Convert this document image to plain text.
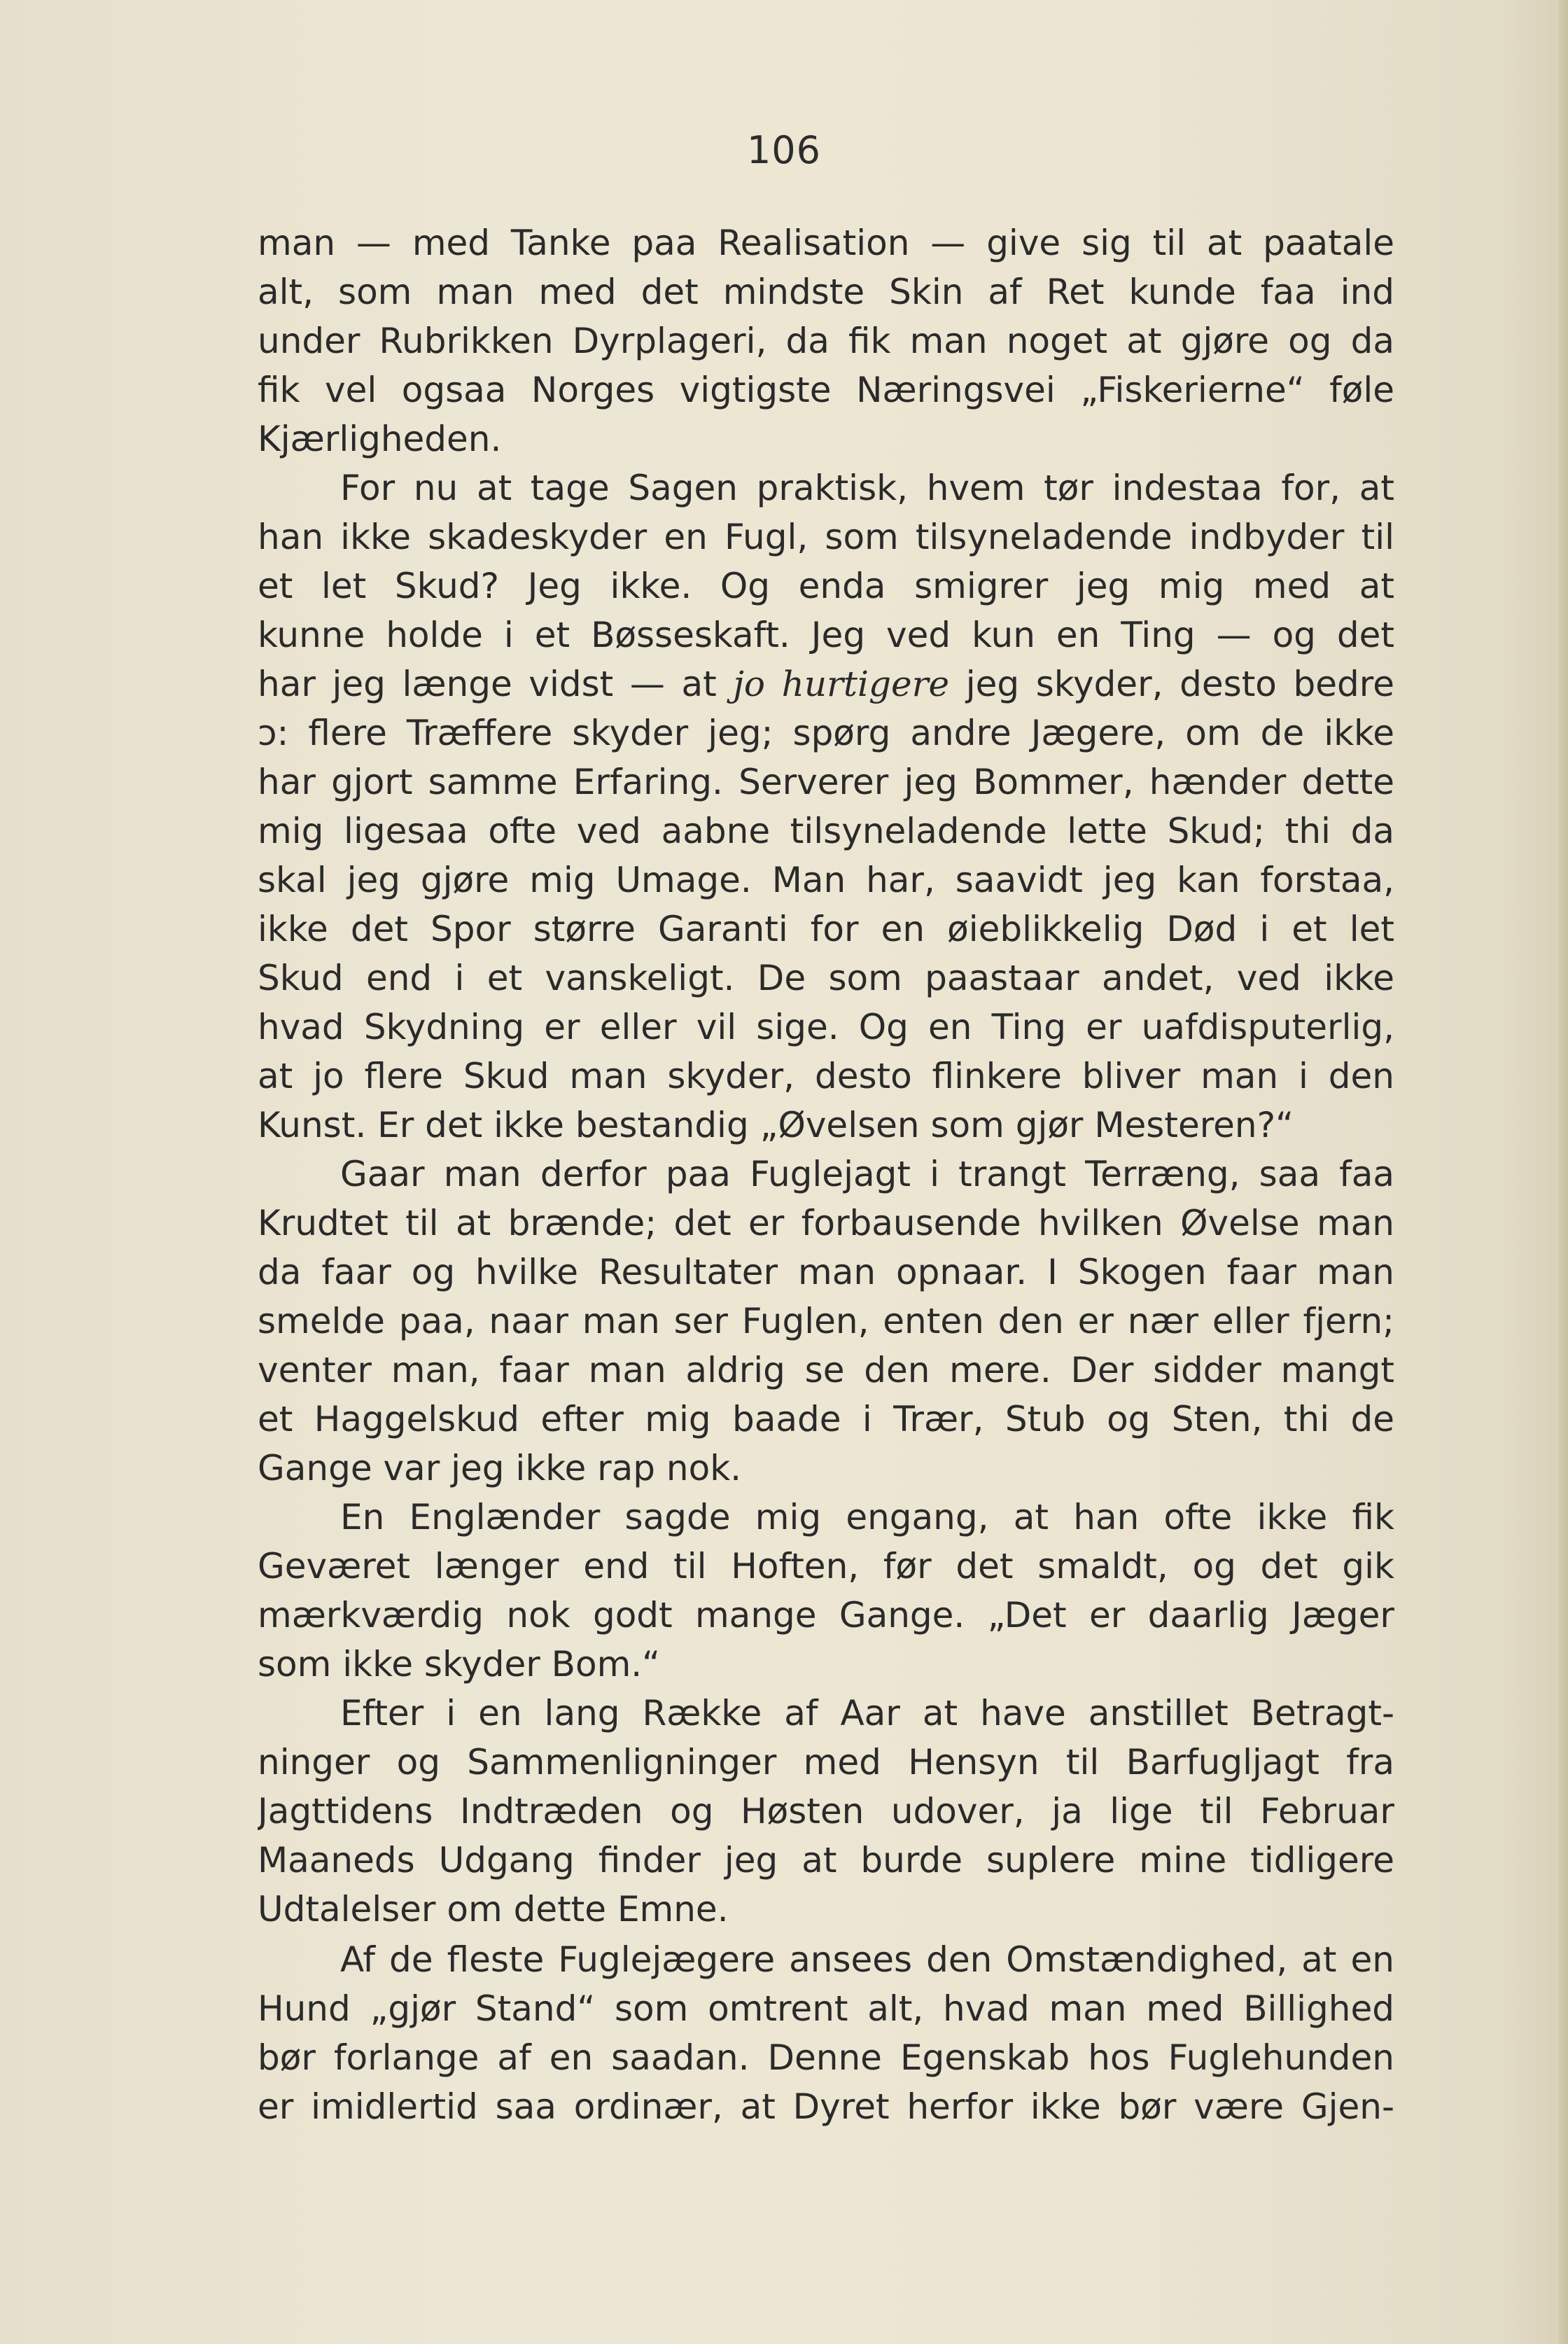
106
man — med Tanke paa Realisation — give sig til at paatale
alt, som man med det mindste Skin af Ret kunde faa ind
under Rubrikken Dyrplageri, da fik man noget at gjøre og da
fik vel ogsaa Norges vigtigste Næringsvei „Fiskerierne“ føle
Kjærligheden.
For nu at tage Sagen praktisk, hvem tør indestaa for, at
han ikke skadeskyder en Fugl, som tilsyneladende indbyder til
et let Skud? Jeg ikke. Og enda smigrer jeg mig med at
kunne holde i et Bøsseskaft. Jeg ved kun en Ting — og det
har jeg længe vidst — at jo hurtigere jeg skyder, desto bedre
ɔ: flere Træffere skyder jeg; spørg andre Jægere, om de ikke
har gjort samme Erfaring. Serverer jeg Bommer, hænder dette
mig ligesaa ofte ved aabne tilsyneladende lette Skud; thi da
skal jeg gjøre mig Umage. Man har, saavidt jeg kan forstaa,
ikke det Spor større Garanti for en øieblikkelig Død i et let
Skud end i et vanskeligt. De som paastaar andet, ved ikke
hvad Skydning er eller vil sige. Og en Ting er uafdisputerlig,
at jo flere Skud man skyder, desto flinkere bliver man i den
Kunst. Er det ikke bestandig „Øvelsen som gjør Mesteren?“
Gaar man derfor paa Fuglejagt i trangt Terræng, saa faa
Krudtet til at brænde; det er forbausende hvilken Øvelse man
da faar og hvilke Resultater man opnaar. I Skogen faar man
smelde paa, naar man ser Fuglen, enten den er nær eller fjern;
venter man, faar man aldrig se den mere. Der sidder mangt
et Haggelskud efter mig baade i Trær, Stub og Sten, thi de
Gange var jeg ikke rap nok.
En Englænder sagde mig engang, at han ofte ikke fik
Geværet længer end til Hoften, før det smaldt, og det gik
mærkværdig nok godt mange Gange. „Det er daarlig Jæger
som ikke skyder Bom.“
Efter i en lang Række af Aar at have anstillet Betragt-
ninger og Sammenligninger med Hensyn til Barfugljagt fra
Jagttidens Indtræden og Høsten udover, ja lige til Februar
Maaneds Udgang finder jeg at burde suplere mine tidligere
Udtalelser om dette Emne.
Af de fleste Fuglejægere ansees den Omstændighed, at en
Hund „gjør Stand“ som omtrent alt, hvad man med Billighed
bør forlange af en saadan. Denne Egenskab hos Fuglehunden
er imidlertid saa ordinær, at Dyret herfor ikke bør være Gjen-
